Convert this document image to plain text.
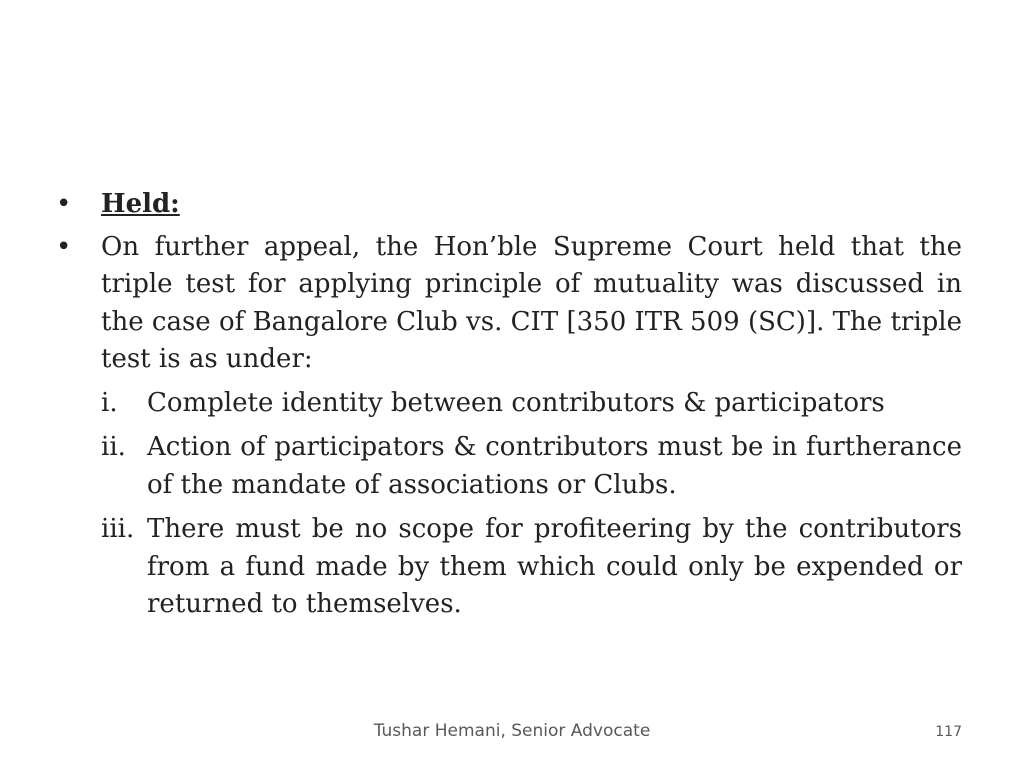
• Held:
• On further appeal, the Hon’ble Supreme Court held that the triple test for applying principle of mutuality was discussed in the case of Bangalore Club vs. CIT [350 ITR 509 (SC)]. The triple test is as under:
i.	Complete identity between contributors & participators
ii. Action of participators & contributors must be in furtherance of the mandate of associations or Clubs.
iii. There must be no scope for profiteering by the contributors from a fund made by them which could only be expended or returned to themselves.
Tushar Hemani, Senior Advocate	117
